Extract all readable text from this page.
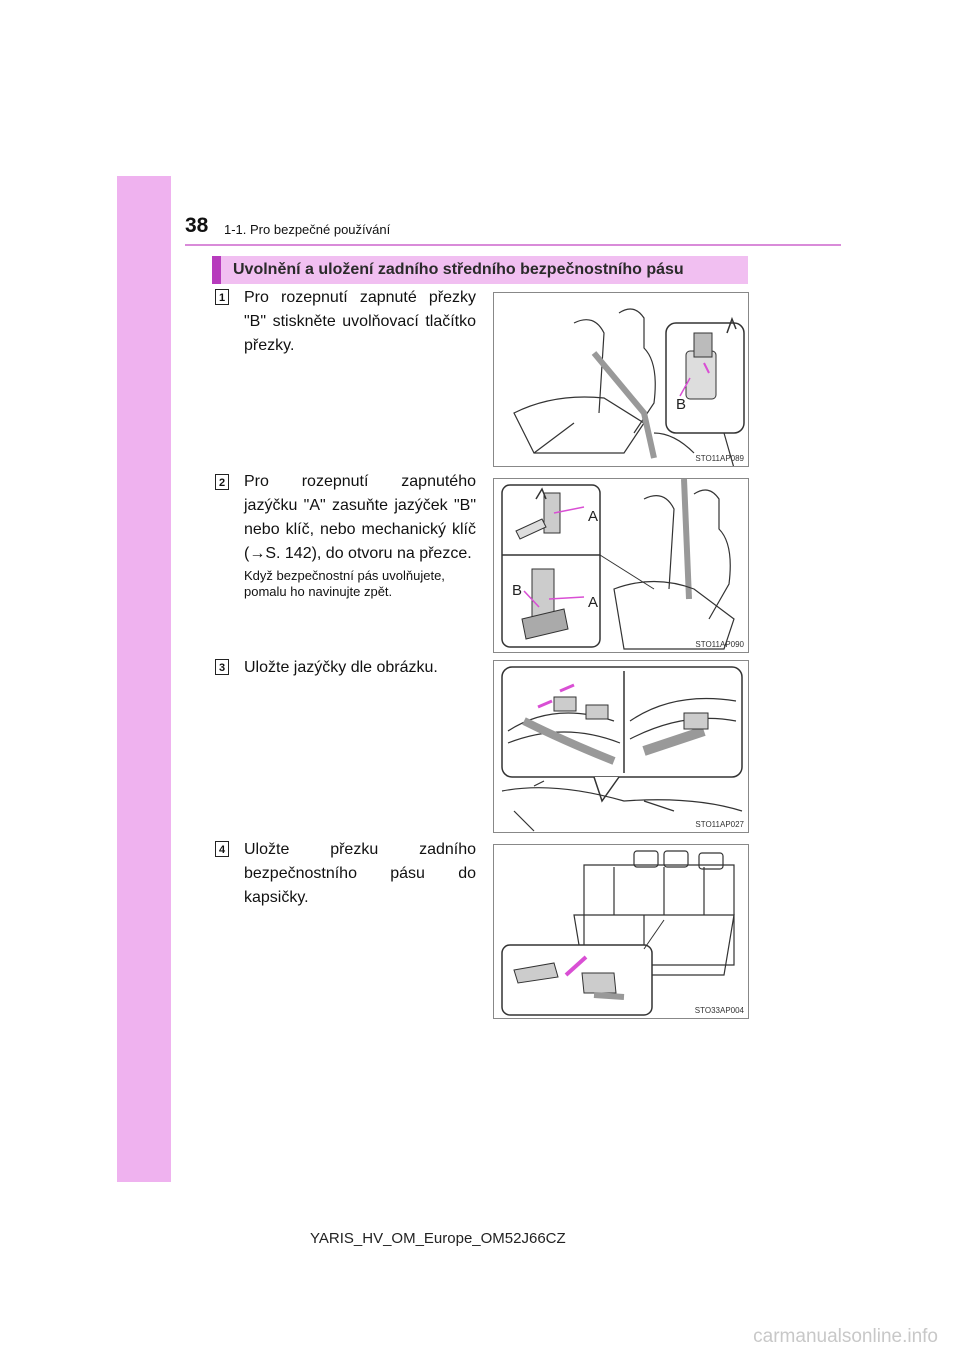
38 1-1. Pro bezpečné používání
Uvolnění a uložení zadního středního bezpečnostního pásu
1 Pro rozepnutí zapnuté přezky "B" stiskněte uvolňovací tlačítko přezky.
B
STO11AP089
2 Pro rozepnutí zapnutého jazýčku "A" zasuňte jazýček "B" nebo klíč, nebo mechanický klíč (→S. 142), do otvoru na přezce.
Když bezpečnostní pás uvolňujete, pomalu ho navinujte zpět.
A
B
A
STO11AP090
3 Uložte jazýčky dle obrázku.
STO11AP027
4 Uložte přezku zadního bezpečnostního pásu do kapsičky.
STO33AP004
YARIS_HV_OM_Europe_OM52J66CZ
carmanualsonline.info
